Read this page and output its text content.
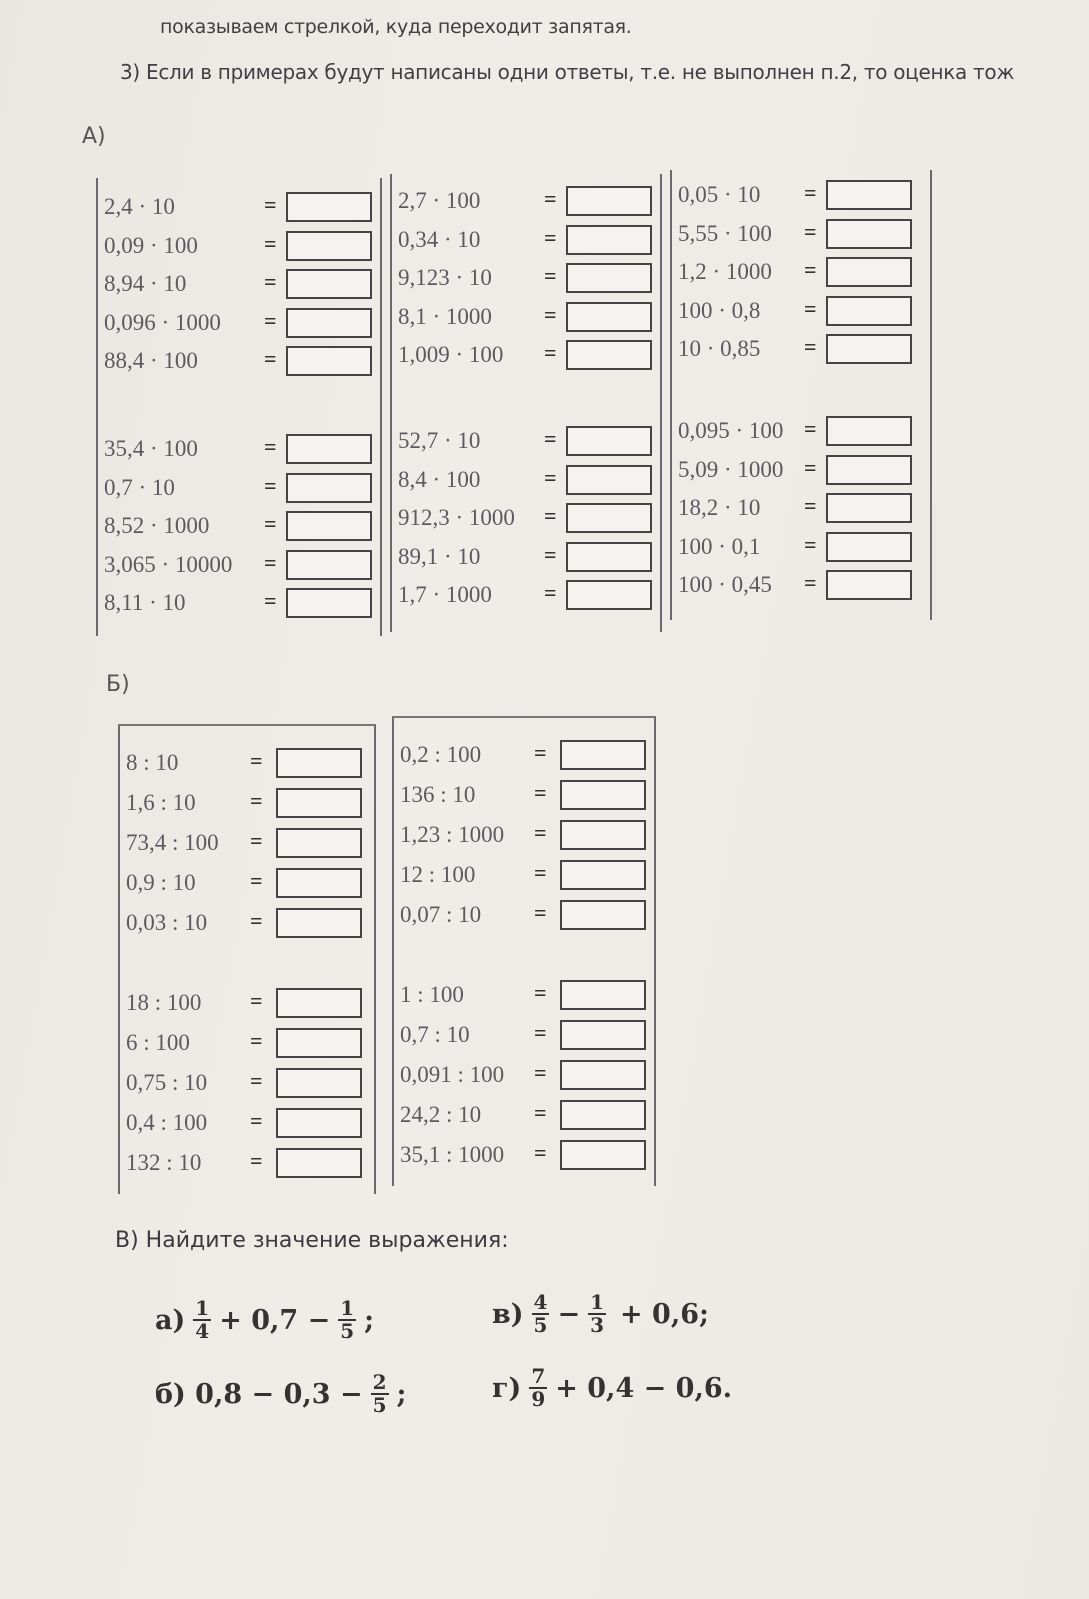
показываем стрелкой, куда переходит запятая.
3) Если в примерах будут написаны одни ответы, т.е. не выполнен п.2, то оценка тож
А)
2,4 · 10	=
0,09 · 100	=
8,94 · 10	=
0,096 · 1000 =
88,4 · 100	=
35,4 · 100	=
0,7 · 10	=
8,52 · 1000 =
3,065 · 10000 =
8,11 · 10	=
2,7 · 100	=
0,34 · 10	=
9,123 · 10 =
8,1 · 1000 =
1,009 · 100 =
52,7 · 10	=
8,4 · 100	=
912,3 · 1000 =
89,1 · 10	=
1,7 · 1000 =
0,05 · 10 =
5,55 · 100 =
1,2 · 1000 =
100 · 0,8 =
10 · 0,85 =
0,095 · 100 =
5,09 · 1000 =
18,2 · 10 =
100 · 0,1 =
100 · 0,45 =
Б)
8 : 10	=
1,6 : 10 =
73,4 : 100 =
0,9 : 10 =
0,03 : 10 =
18 : 100 =
6 : 100	=
0,75 : 10 =
0,4 : 100 =
132 : 10 =
0,2 : 100 =
136 : 10	=
1,23 : 1000 =
12 : 100	=
0,07 : 10 =
1 : 100	=
0,7 : 10	=
0,091 : 100 =
24,2 : 10 =
35,1 : 1000 =
В) Найдите значение выражения:
$а) \frac{1}{4} + 0,7 - \frac{1}{5}$ ;
б) $0,8 - 0,3 - \frac{2}{5}$ ;
$в) \frac{4}{5} - \frac{1}{3} + 0,6$;
$г) \frac{7}{9} + 0,4 - 0,6$.
